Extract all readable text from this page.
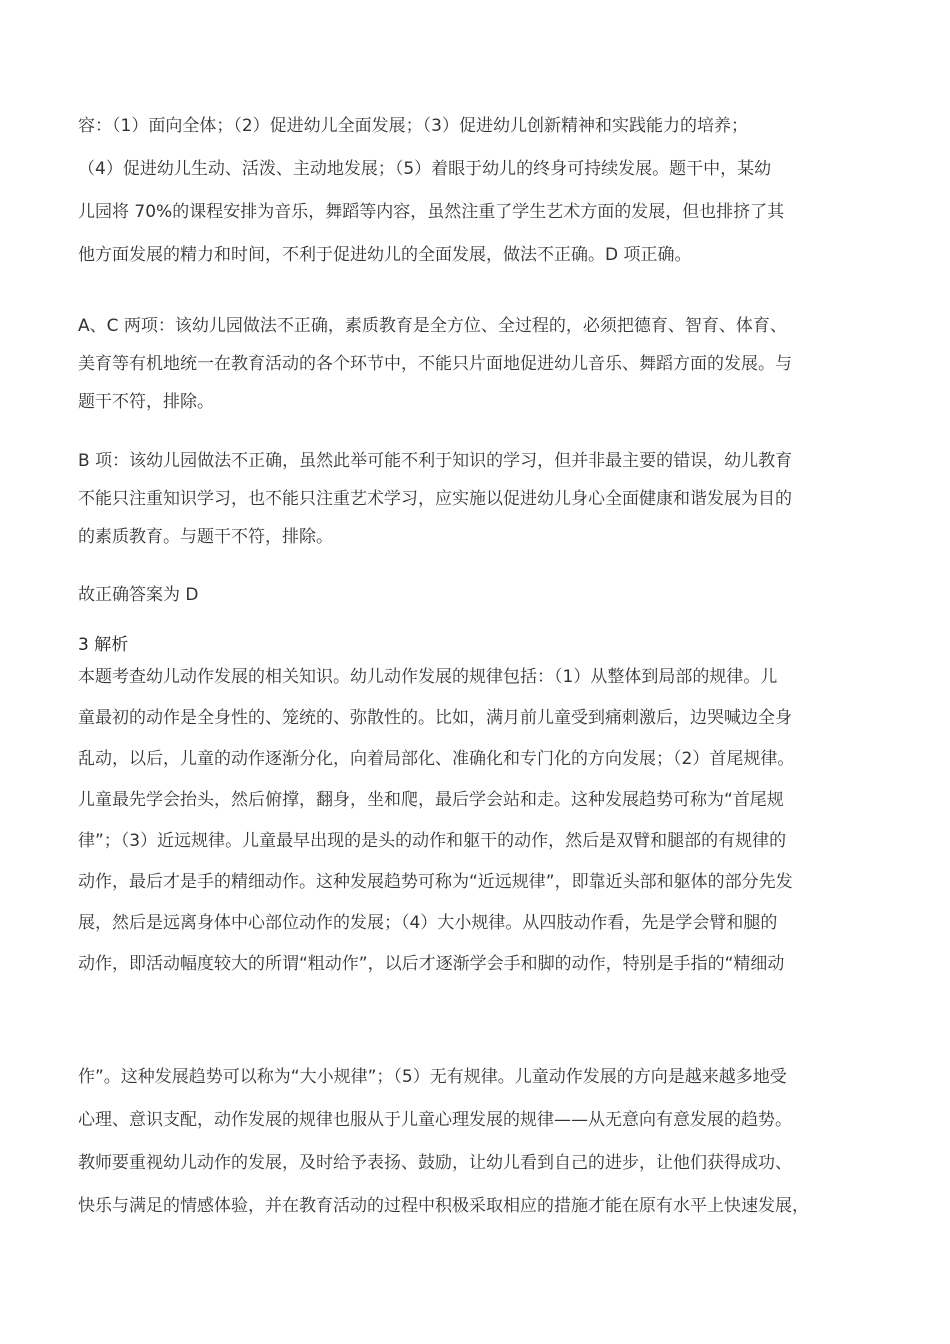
容：（1）面向全体；（2）促进幼儿全面发展；（3）促进幼儿创新精神和实践能力的培养；
（4）促进幼儿生动、活泼、主动地发展；（5）着眼于幼儿的终身可持续发展。题干中，某幼
儿园将 70%的课程安排为音乐，舞蹈等内容，虽然注重了学生艺术方面的发展，但也排挤了其
他方面发展的精力和时间，不利于促进幼儿的全面发展，做法不正确。D 项正确。

A、C 两项：该幼儿园做法不正确，素质教育是全方位、全过程的，必须把德育、智育、体育、
美育等有机地统一在教育活动的各个环节中，不能只片面地促进幼儿音乐、舞蹈方面的发展。与
题干不符，排除。

B 项：该幼儿园做法不正确，虽然此举可能不利于知识的学习，但并非最主要的错误，幼儿教育
不能只注重知识学习，也不能只注重艺术学习，应实施以促进幼儿身心全面健康和谐发展为目的
的素质教育。与题干不符，排除。

故正确答案为 D

3 解析

本题考查幼儿动作发展的相关知识。幼儿动作发展的规律包括：（1）从整体到局部的规律。儿
童最初的动作是全身性的、笼统的、弥散性的。比如，满月前儿童受到痛刺激后，边哭喊边全身
乱动，以后，儿童的动作逐渐分化，向着局部化、准确化和专门化的方向发展；（2）首尾规律。
儿童最先学会抬头，然后俯撑，翻身，坐和爬，最后学会站和走。这种发展趋势可称为“首尾规
律”；（3）近远规律。儿童最早出现的是头的动作和躯干的动作，然后是双臂和腿部的有规律的
动作，最后才是手的精细动作。这种发展趋势可称为“近远规律”，即靠近头部和躯体的部分先发
展，然后是远离身体中心部位动作的发展；（4）大小规律。从四肢动作看，先是学会臂和腿的
动作，即活动幅度较大的所谓“粗动作”，以后才逐渐学会手和脚的动作，特别是手指的“精细动

作”。这种发展趋势可以称为“大小规律”；（5）无有规律。儿童动作发展的方向是越来越多地受
心理、意识支配，动作发展的规律也服从于儿童心理发展的规律——从无意向有意发展的趋势。
教师要重视幼儿动作的发展，及时给予表扬、鼓励，让幼儿看到自己的进步，让他们获得成功、
快乐与满足的情感体验，并在教育活动的过程中积极采取相应的措施才能在原有水平上快速发展，
